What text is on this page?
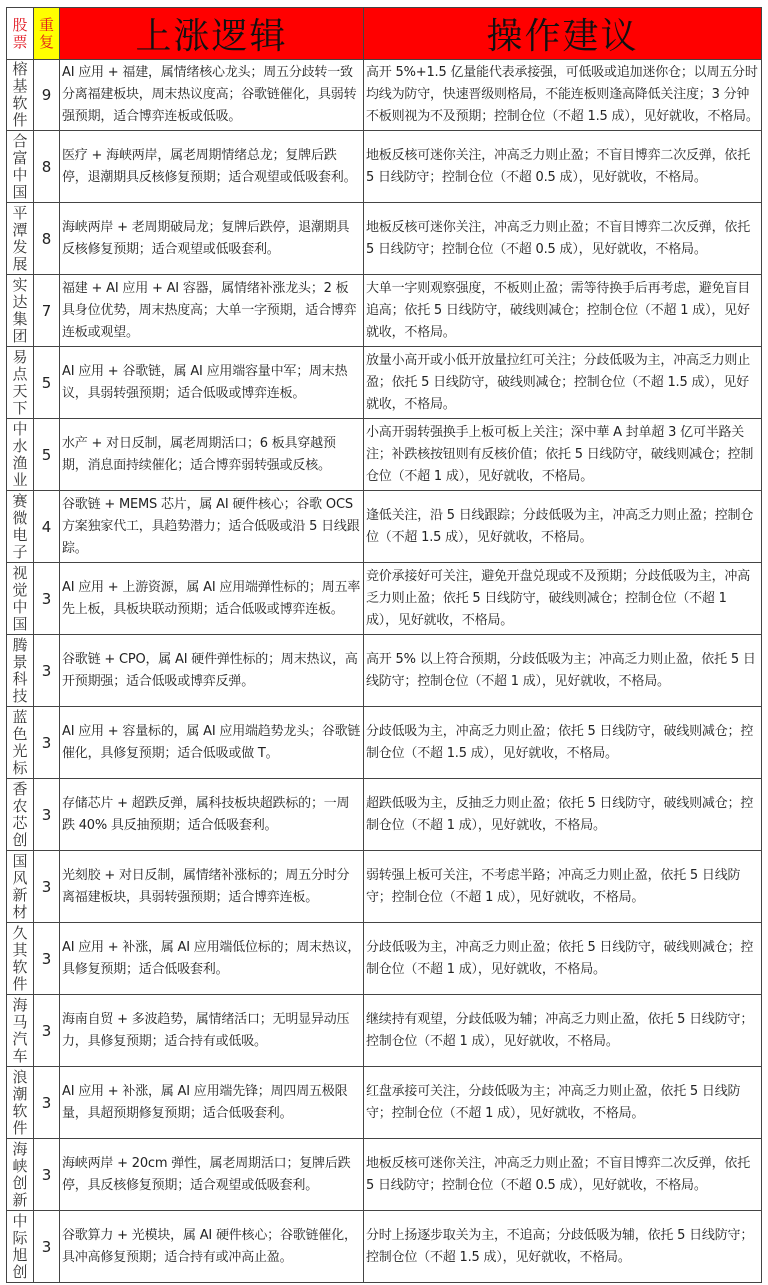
股票	重复	上涨逻辑	操作建议

榕基软件	9	AI 应用 + 福建，属情绪核心龙头；周五分歧转一致分离福建板块，周末热议度高；谷歌链催化，具弱转强预期，适合博弈连板或低吸。	高开 5%+1.5 亿量能代表承接强，可低吸或追加迷你仓；以周五分时均线为防守，快速晋级则格局，不能连板则逢高降低关注度；3 分钟不板则视为不及预期；控制仓位（不超 1.5 成），见好就收，不格局。

合富中国	8	医疗 + 海峡两岸，属老周期情绪总龙；复牌后跌停，退潮期具反核修复预期；适合观望或低吸套利。	地板反核可迷你关注，冲高乏力则止盈；不盲目博弈二次反弹，依托 5 日线防守；控制仓位（不超 0.5 成），见好就收，不格局。

平潭发展	8	海峡两岸 + 老周期破局龙；复牌后跌停，退潮期具反核修复预期；适合观望或低吸套利。	地板反核可迷你关注，冲高乏力则止盈；不盲目博弈二次反弹，依托 5 日线防守；控制仓位（不超 0.5 成），见好就收，不格局。

实达集团	7	福建 + AI 应用 + AI 容器，属情绪补涨龙头；2 板具身位优势，周末热度高；大单一字预期，适合博弈连板或观望。	大单一字则观察强度，不板则止盈；需等待换手后再考虑，避免盲目追高；依托 5 日线防守，破线则减仓；控制仓位（不超 1 成），见好就收，不格局。

易点天下	5	AI 应用 + 谷歌链，属 AI 应用端容量中军；周末热议，具弱转强预期；适合低吸或博弈连板。	放量小高开或小低开放量拉红可关注；分歧低吸为主，冲高乏力则止盈；依托 5 日线防守，破线则减仓；控制仓位（不超 1.5 成），见好就收，不格局。

中水渔业	5	水产 + 对日反制，属老周期活口；6 板具穿越预期，消息面持续催化；适合博弈弱转强或反核。	小高开弱转强换手上板可板上关注；深中華 A 封单超 3 亿可半路关注；补跌核按钮则有反核价值；依托 5 日线防守，破线则减仓；控制仓位（不超 1 成），见好就收，不格局。

赛微电子	4	谷歌链 + MEMS 芯片，属 AI 硬件核心；谷歌 OCS 方案独家代工，具趋势潜力；适合低吸或沿 5 日线跟踪。	逢低关注，沿 5 日线跟踪；分歧低吸为主，冲高乏力则止盈；控制仓位（不超 1.5 成），见好就收，不格局。

视觉中国	3	AI 应用 + 上游资源，属 AI 应用端弹性标的；周五率先上板，具板块联动预期；适合低吸或博弈连板。	竞价承接好可关注，避免开盘兑现或不及预期；分歧低吸为主，冲高乏力则止盈；依托 5 日线防守，破线则减仓；控制仓位（不超 1 成），见好就收，不格局。

腾景科技	3	谷歌链 + CPO，属 AI 硬件弹性标的；周末热议，高开预期强；适合低吸或博弈反弹。	高开 5% 以上符合预期，分歧低吸为主；冲高乏力则止盈，依托 5 日线防守；控制仓位（不超 1 成），见好就收，不格局。

蓝色光标	3	AI 应用 + 容量标的，属 AI 应用端趋势龙头；谷歌链催化，具修复预期；适合低吸或做 T。	分歧低吸为主，冲高乏力则止盈；依托 5 日线防守，破线则减仓；控制仓位（不超 1.5 成），见好就收，不格局。

香农芯创	3	存储芯片 + 超跌反弹，属科技板块超跌标的；一周跌 40% 具反抽预期；适合低吸套利。	超跌低吸为主，反抽乏力则止盈；依托 5 日线防守，破线则减仓；控制仓位（不超 1 成），见好就收，不格局。

国风新材	3	光刻胶 + 对日反制，属情绪补涨标的；周五分时分离福建板块，具弱转强预期；适合博弈连板。	弱转强上板可关注，不考虑半路；冲高乏力则止盈，依托 5 日线防守；控制仓位（不超 1 成），见好就收，不格局。

久其软件	3	AI 应用 + 补涨，属 AI 应用端低位标的；周末热议，具修复预期；适合低吸套利。	分歧低吸为主，冲高乏力则止盈；依托 5 日线防守，破线则减仓；控制仓位（不超 1 成），见好就收，不格局。

海马汽车	3	海南自贸 + 多波趋势，属情绪活口；无明显异动压力，具修复预期；适合持有或低吸。	继续持有观望，分歧低吸为辅；冲高乏力则止盈，依托 5 日线防守；控制仓位（不超 1 成），见好就收，不格局。

浪潮软件	3	AI 应用 + 补涨，属 AI 应用端先锋；周四周五极限量，具超预期修复预期；适合低吸套利。	红盘承接可关注，分歧低吸为主；冲高乏力则止盈，依托 5 日线防守；控制仓位（不超 1 成），见好就收，不格局。

海峡创新	3	海峡两岸 + 20cm 弹性，属老周期活口；复牌后跌停，具反核修复预期；适合观望或低吸套利。	地板反核可迷你关注，冲高乏力则止盈；不盲目博弈二次反弹，依托 5 日线防守；控制仓位（不超 0.5 成），见好就收，不格局。

中际旭创	3	谷歌算力 + 光模块，属 AI 硬件核心；谷歌链催化，具冲高修复预期；适合持有或冲高止盈。	分时上扬逐步取关为主，不追高；分歧低吸为辅，依托 5 日线防守；控制仓位（不超 1.5 成），见好就收，不格局。
